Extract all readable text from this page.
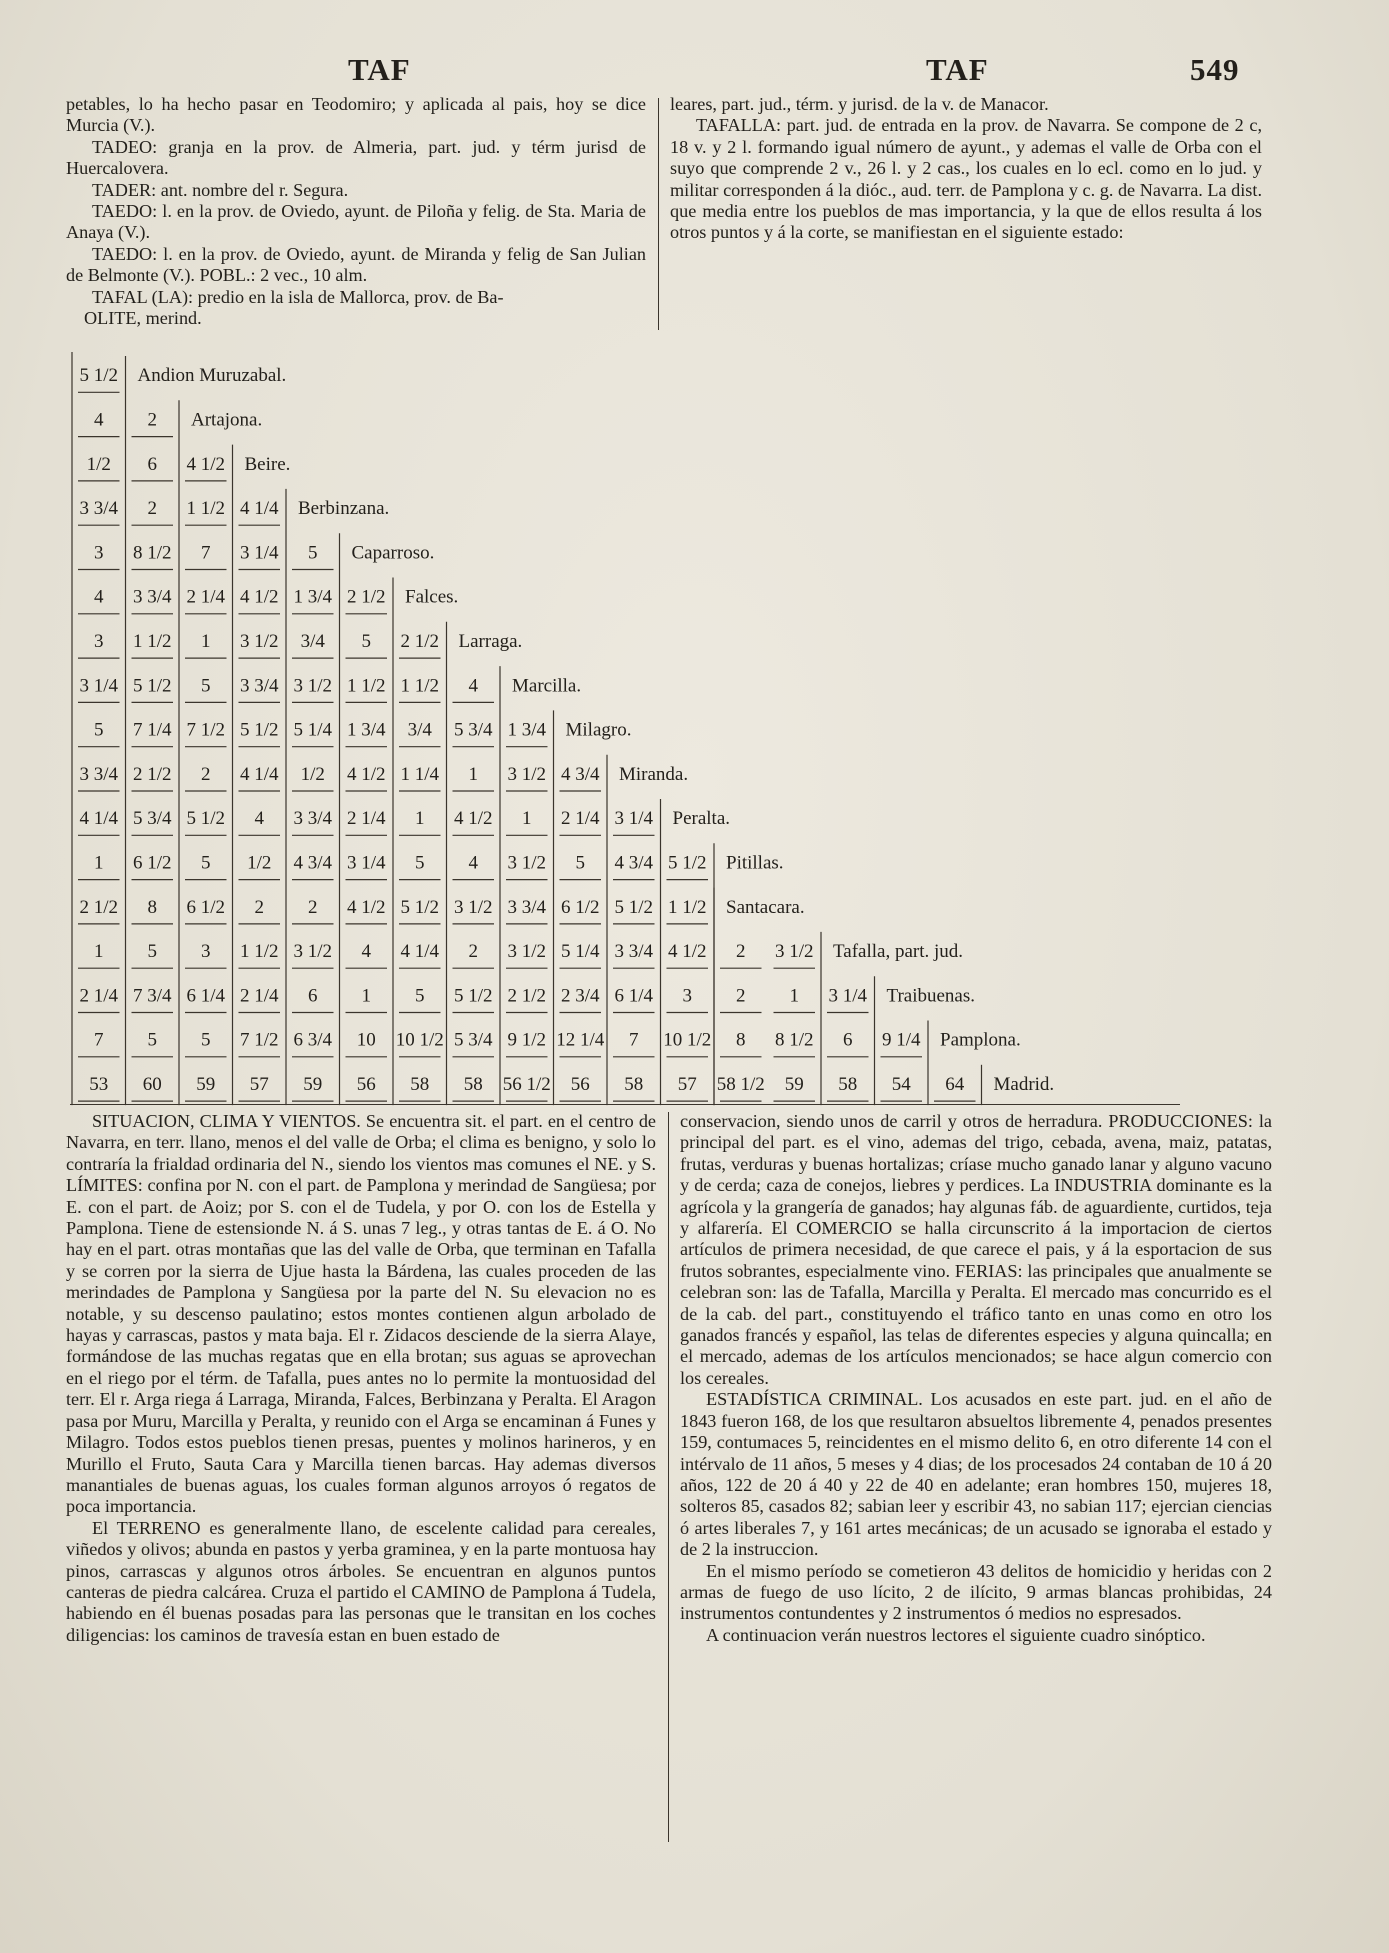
TAF	TAF	549

petables, lo ha hecho pasar en Teodomiro; y aplicada al pais, hoy se dice Murcia (V.).

TADEO: granja en la prov. de Almeria, part. jud. y térm jurisd de Huercalovera.

TADER: ant. nombre del r. Segura.

TAEDO: l. en la prov. de Oviedo, ayunt. de Piloña y felig. de Sta. Maria de Anaya (V.).

TAEDO: l. en la prov. de Oviedo, ayunt. de Miranda y felig de San Julian de Belmonte (V.). POBL.: 2 vec., 10 alm.

TAFAL (LA): predio en la isla de Mallorca, prov. de Ba-

OLITE, merind.

leares, part. jud., térm. y jurisd. de la v. de Manacor.

TAFALLA: part. jud. de entrada en la prov. de Navarra. Se compone de 2 c, 18 v. y 2 l. formando igual número de ayunt., y ademas el valle de Orba con el suyo que comprende 2 v., 26 l. y 2 cas., los cuales en lo ecl. como en lo jud. y militar corresponden á la dióc., aud. terr. de Pamplona y c. g. de Navarra. La dist. que media entre los pueblos de mas importancia, y la que de ellos resulta á los otros puntos y á la corte, se manifiestan en el siguiente estado:

5 1/2 Andion Muruzabal.
4 2 Artajona.
1/2 6 4 1/2 Beire.
3 3/4 2 1 1/2 4 1/4 Berbinzana.
3 8 1/2 7 3 1/4 5 Caparroso.
4 3 3/4 2 1/4 4 1/2 1 3/4 2 1/2 Falces.
3 1 1/2 1 3 1/2 3/4 5 2 1/2 Larraga.
3 1/4 5 1/2 5 3 3/4 3 1/2 1 1/2 1 1/2 4 Marcilla.
5 7 1/4 7 1/2 5 1/2 5 1/4 1 3/4 3/4 5 3/4 1 3/4 Milagro.
3 3/4 2 1/2 2 4 1/4 1/2 4 1/2 1 1/4 1 3 1/2 4 3/4 Miranda.
4 1/4 5 3/4 5 1/2 4 3 3/4 2 1/4 1 4 1/2 1 2 1/4 3 1/4 Peralta.
1 6 1/2 5 1/2 4 3/4 3 1/4 5 4 3 1/2 5 4 3/4 5 1/2 Pitillas.
2 1/2 8 6 1/2 2 2 4 1/2 5 1/2 3 1/2 3 3/4 6 1/2 5 1/2 1 1/2 Santacara.
1 5 3 1 1/2 3 1/2 4 4 1/4 2 3 1/2 5 1/4 3 3/4 4 1/2 2 3 1/2 Tafalla, part. jud.
2 1/4 7 3/4 6 1/4 2 1/4 6 1 5 5 1/2 2 1/2 2 3/4 6 1/4 3 2 1 3 1/4 Traibuenas.
7 5 5 7 1/2 6 3/4 10 10 1/2 5 3/4 9 1/2 12 1/4 7 10 1/2 8 8 1/2 6 9 1/4 Pamplona.
53 60 59 57 59 56 58 58 56 1/2 56 58 57 58 1/2 59 58 54 64 Madrid.

SITUACION, CLIMA Y VIENTOS. Se encuentra sit. el part. en el centro de Navarra, en terr. llano, menos el del valle de Orba; el clima es benigno, y solo lo contraría la frialdad ordinaria del N., siendo los vientos mas comunes el NE. y S. LÍMITES: confina por N. con el part. de Pamplona y merindad de Sangüesa; por E. con el part. de Aoiz; por S. con el de Tudela, y por O. con los de Estella y Pamplona. Tiene de estensionde N. á S. unas 7 leg., y otras tantas de E. á O. No hay en el part. otras montañas que las del valle de Orba, que terminan en Tafalla y se corren por la sierra de Ujue hasta la Bárdena, las cuales proceden de las merindades de Pamplona y Sangüesa por la parte del N. Su elevacion no es notable, y su descenso paulatino; estos montes contienen algun arbolado de hayas y carrascas, pastos y mata baja. El r. Zidacos desciende de la sierra Alaye, formándose de las muchas regatas que en ella brotan; sus aguas se aprovechan en el riego por el térm. de Tafalla, pues antes no lo permite la montuosidad del terr. El r. Arga riega á Larraga, Miranda, Falces, Berbinzana y Peralta. El Aragon pasa por Muru, Marcilla y Peralta, y reunido con el Arga se encaminan á Funes y Milagro. Todos estos pueblos tienen presas, puentes y molinos harineros, y en Murillo el Fruto, Sauta Cara y Marcilla tienen barcas. Hay ademas diversos manantiales de buenas aguas, los cuales forman algunos arroyos ó regatos de poca importancia.

El TERRENO es generalmente llano, de escelente calidad para cereales, viñedos y olivos; abunda en pastos y yerba graminea, y en la parte montuosa hay pinos, carrascas y algunos otros árboles. Se encuentran en algunos puntos canteras de piedra calcárea. Cruza el partido el CAMINO de Pamplona á Tudela, habiendo en él buenas posadas para las personas que le transitan en los coches diligencias: los caminos de travesía estan en buen estado de

conservacion, siendo unos de carril y otros de herradura. PRODUCCIONES: la principal del part. es el vino, ademas del trigo, cebada, avena, maiz, patatas, frutas, verduras y buenas hortalizas; críase mucho ganado lanar y alguno vacuno y de cerda; caza de conejos, liebres y perdices. La INDUSTRIA dominante es la agrícola y la grangería de ganados; hay algunas fáb. de aguardiente, curtidos, teja y alfarería. El COMERCIO se halla circunscrito á la importacion de ciertos artículos de primera necesidad, de que carece el pais, y á la esportacion de sus frutos sobrantes, especialmente vino. FERIAS: las principales que anualmente se celebran son: las de Tafalla, Marcilla y Peralta. El mercado mas concurrido es el de la cab. del part., constituyendo el tráfico tanto en unas como en otro los ganados francés y español, las telas de diferentes especies y alguna quincalla; en el mercado, ademas de los artículos mencionados; se hace algun comercio con los cereales.

ESTADÍSTICA CRIMINAL. Los acusados en este part. jud. en el año de 1843 fueron 168, de los que resultaron absueltos libremente 4, penados presentes 159, contumaces 5, reincidentes en el mismo delito 6, en otro diferente 14 con el intérvalo de 11 años, 5 meses y 4 dias; de los procesados 24 contaban de 10 á 20 años, 122 de 20 á 40 y 22 de 40 en adelante; eran hombres 150, mujeres 18, solteros 85, casados 82; sabian leer y escribir 43, no sabian 117; ejercian ciencias ó artes liberales 7, y 161 artes mecánicas; de un acusado se ignoraba el estado y de 2 la instruccion.

En el mismo período se cometieron 43 delitos de homicidio y heridas con 2 armas de fuego de uso lícito, 2 de ilícito, 9 armas blancas prohibidas, 24 instrumentos contundentes y 2 instrumentos ó medios no espresados.

A continuacion verán nuestros lectores el siguiente cuadro sinóptico.
